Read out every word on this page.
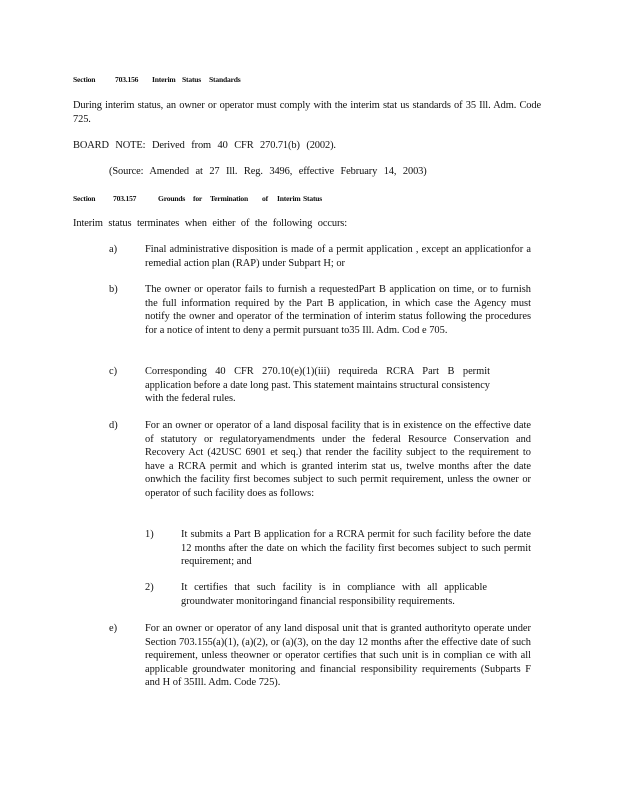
Section	703.156 Interim Status Standards
During interim status, an owner or operator must comply with the interim stat us standards of 35 Ill. Adm. Code 725.
BOARD NOTE: Derived from 40 CFR 270.71(b) (2002).
(Source: Amended at 27 Ill. Reg. 3496, effective February 14, 2003)
Section 703.157	Grounds for Termination of Interim Status
Interim status terminates when either of the following occurs:
a)	Final administrative disposition is made of a permit application , except an applicationfor a remedial action plan (RAP) under Subpart H; or
b)	The owner or operator fails to furnish a requestedPart B application on time, or to furnish the full information required by the Part B application, in which case the Agency must notify the owner and operator of the termination of interim status following the procedures for a notice of intent to deny a permit pursuant to35 Ill. Adm. Cod e 705.
c)	Corresponding 40 CFR 270.10(e)(1)(iii) requireda RCRA Part B permit application before a date long past. This statement maintains structural consistency with the federal rules.
d)	For an owner or operator of a land disposal facility that is in existence on the effective date of statutory or regulatoryamendments under the federal Resource Conservation and Recovery Act (42USC 6901 et seq.) that render the facility subject to the requirement to have a RCRA permit and which is granted interim stat us, twelve months after the date onwhich the facility first becomes subject to such permit requirement, unless the owner or operator of such facility does as follows:
1)	It submits a Part B application for a RCRA permit for such facility before the date 12 months after the date on which the facility first becomes subject to such permit requirement; and
2)	It certifies that such facility is in compliance with all applicable groundwater monitoringand financial responsibility requirements.
e)	For an owner or operator of any land disposal unit that is granted authorityto operate under Section 703.155(a)(1), (a)(2), or (a)(3), on the day 12 months after the effective date of such requirement, unless theowner or operator certifies that such unit is in complian ce with all applicable groundwater monitoring and financial responsibility requirements (Subparts F and H of 35Ill. Adm. Code 725).
